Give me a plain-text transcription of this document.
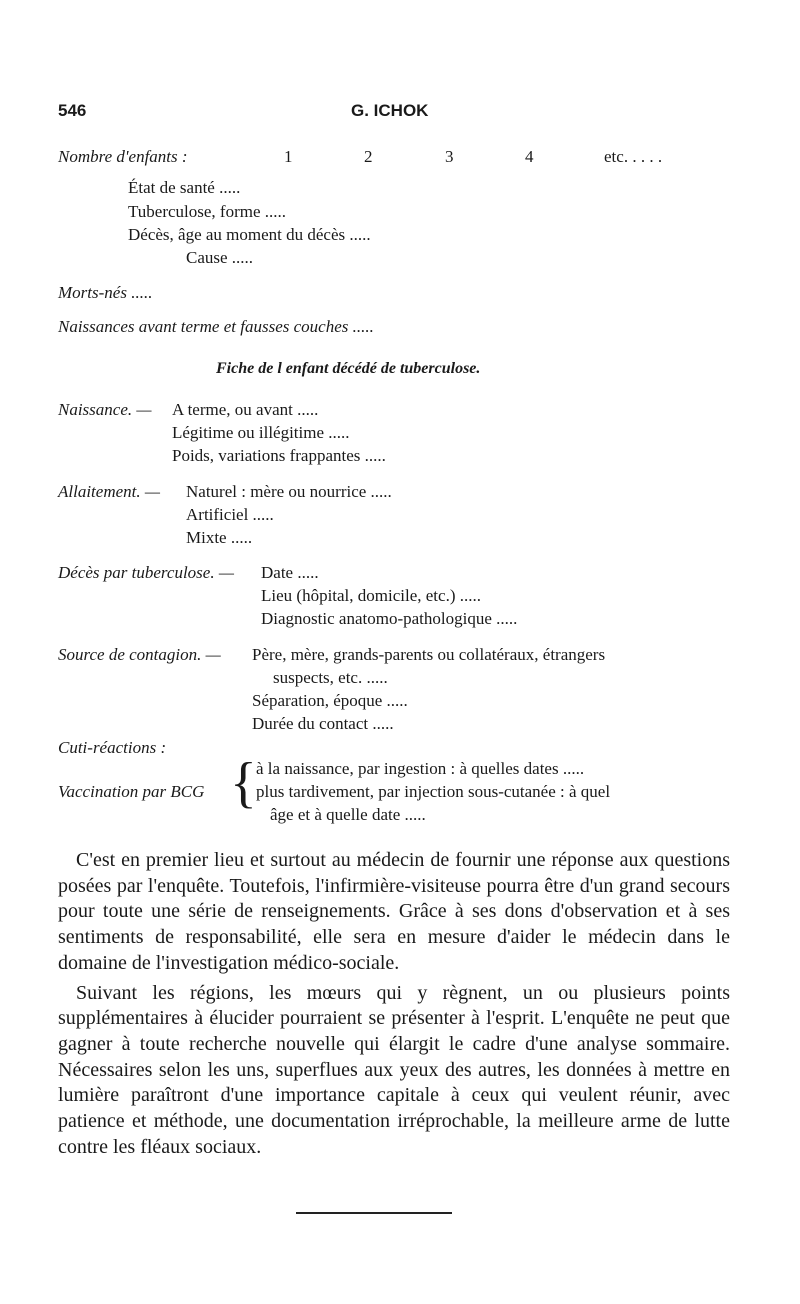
546	G. ICHOK
Nombre d'enfants :	1	2	3	4	etc. . . . .
État de santé .....
Tuberculose, forme .....
Décès, âge au moment du décès .....
Cause .....
Morts-nés .....
Naissances avant terme et fausses couches .....
Fiche de l enfant décédé de tuberculose.
Naissance. — A terme, ou avant .....
Légitime ou illégitime .....
Poids, variations frappantes .....
Allaitement. — Naturel : mère ou nourrice .....
Artificiel .....
Mixte .....
Décès par tuberculose. — Date .....
Lieu (hôpital, domicile, etc.) .....
Diagnostic anatomo-pathologique .....
Source de contagion. — Père, mère, grands-parents ou collatéraux, étrangers
suspects, etc. .....
Séparation, époque .....
Durée du contact .....
Cuti-réactions :
Vaccination par BCG { à la naissance, par ingestion : à quelles dates .....
plus tardivement, par injection sous-cutanée : à quel
âge et à quelle date .....

C'est en premier lieu et surtout au médecin de fournir une réponse aux questions posées par l'enquête. Toutefois, l'infirmière-visiteuse pourra être d'un grand secours pour toute une série de renseignements. Grâce à ses dons d'observation et à ses sentiments de responsabilité, elle sera en mesure d'aider le médecin dans le domaine de l'investigation médico-sociale.

Suivant les régions, les mœurs qui y règnent, un ou plusieurs points supplémentaires à élucider pourraient se présenter à l'esprit. L'enquête ne peut que gagner à toute recherche nouvelle qui élargit le cadre d'une analyse sommaire. Nécessaires selon les uns, superflues aux yeux des autres, les données à mettre en lumière paraîtront d'une importance capitale à ceux qui veulent réunir, avec patience et méthode, une documentation irréprochable, la meilleure arme de lutte contre les fléaux sociaux.
